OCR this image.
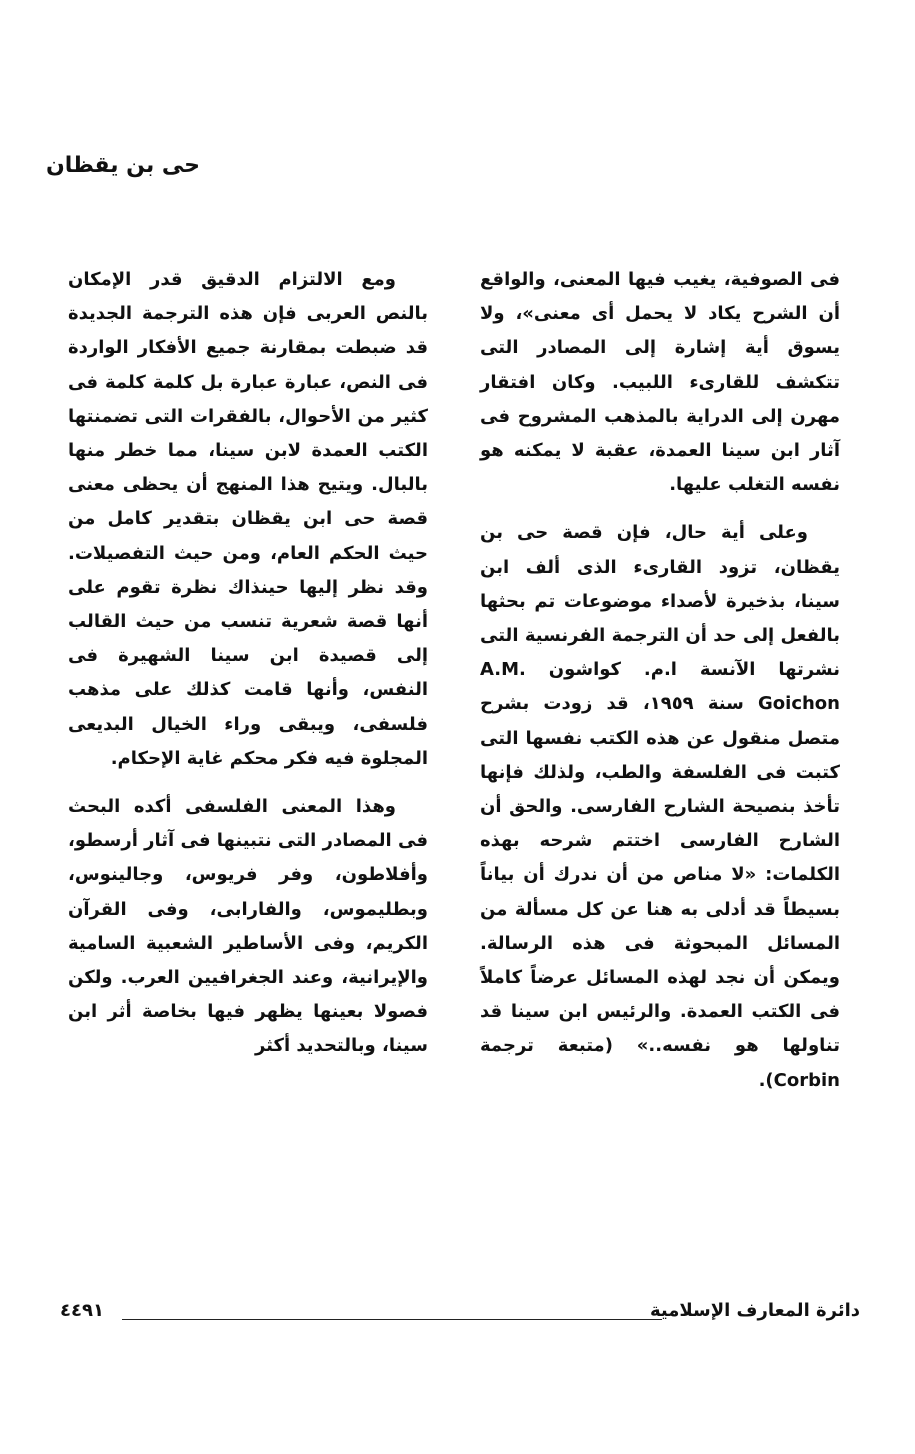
حى بن يقظان

فى الصوفية، يغيب فيها المعنى، والواقع أن الشرح يكاد لا يحمل أى معنى»، ولا يسوق أية إشارة إلى المصادر التى تتكشف للقارىء اللبيب. وكان افتقار مهرن إلى الدراية بالمذهب المشروح فى آثار ابن سينا العمدة، عقبة لا يمكنه هو نفسه التغلب عليها.

وعلى أية حال، فإن قصة حى بن يقظان، تزود القارىء الذى ألف ابن سينا، بذخيرة لأصداء موضوعات تم بحثها بالفعل إلى حد أن الترجمة الفرنسية التى نشرتها الآنسة ا.م. كواشون A.M. Goichon سنة ١٩٥٩، قد زودت بشرح متصل منقول عن هذه الكتب نفسها التى كتبت فى الفلسفة والطب، ولذلك فإنها تأخذ بنصيحة الشارح الفارسى. والحق أن الشارح الفارسى اختتم شرحه بهذه الكلمات: «لا مناص من أن ندرك أن بياناً بسيطاً قد أدلى به هنا عن كل مسألة من المسائل المبحوثة فى هذه الرسالة. ويمكن أن نجد لهذه المسائل عرضاً كاملاً فى الكتب العمدة. والرئيس ابن سينا قد تناولها هو نفسه..» (متبعة ترجمة Corbin).

ومع الالتزام الدقيق قدر الإمكان بالنص العربى فإن هذه الترجمة الجديدة قد ضبطت بمقارنة جميع الأفكار الواردة فى النص، عبارة عبارة بل كلمة كلمة فى كثير من الأحوال، بالفقرات التى تضمنتها الكتب العمدة لابن سينا، مما خطر منها بالبال. ويتيح هذا المنهج أن يحظى معنى قصة حى ابن يقظان بتقدير كامل من حيث الحكم العام، ومن حيث التفصيلات. وقد نظر إليها حينذاك نظرة تقوم على أنها قصة شعرية تنسب من حيث القالب إلى قصيدة ابن سينا الشهيرة فى النفس، وأنها قامت كذلك على مذهب فلسفى، ويبقى وراء الخيال البديعى المجلوة فيه فكر محكم غاية الإحكام.

وهذا المعنى الفلسفى أكده البحث فى المصادر التى نتبينها فى آثار أرسطو، وأفلاطون، وفر فريوس، وجالينوس، وبطليموس، والفارابى، وفى القرآن الكريم، وفى الأساطير الشعبية السامية والإيرانية، وعند الجغرافيين العرب. ولكن فصولا بعينها يظهر فيها بخاصة أثر ابن سينا، وبالتحديد أكثر

دائرة المعارف الإسلامية
٤٤٩١
